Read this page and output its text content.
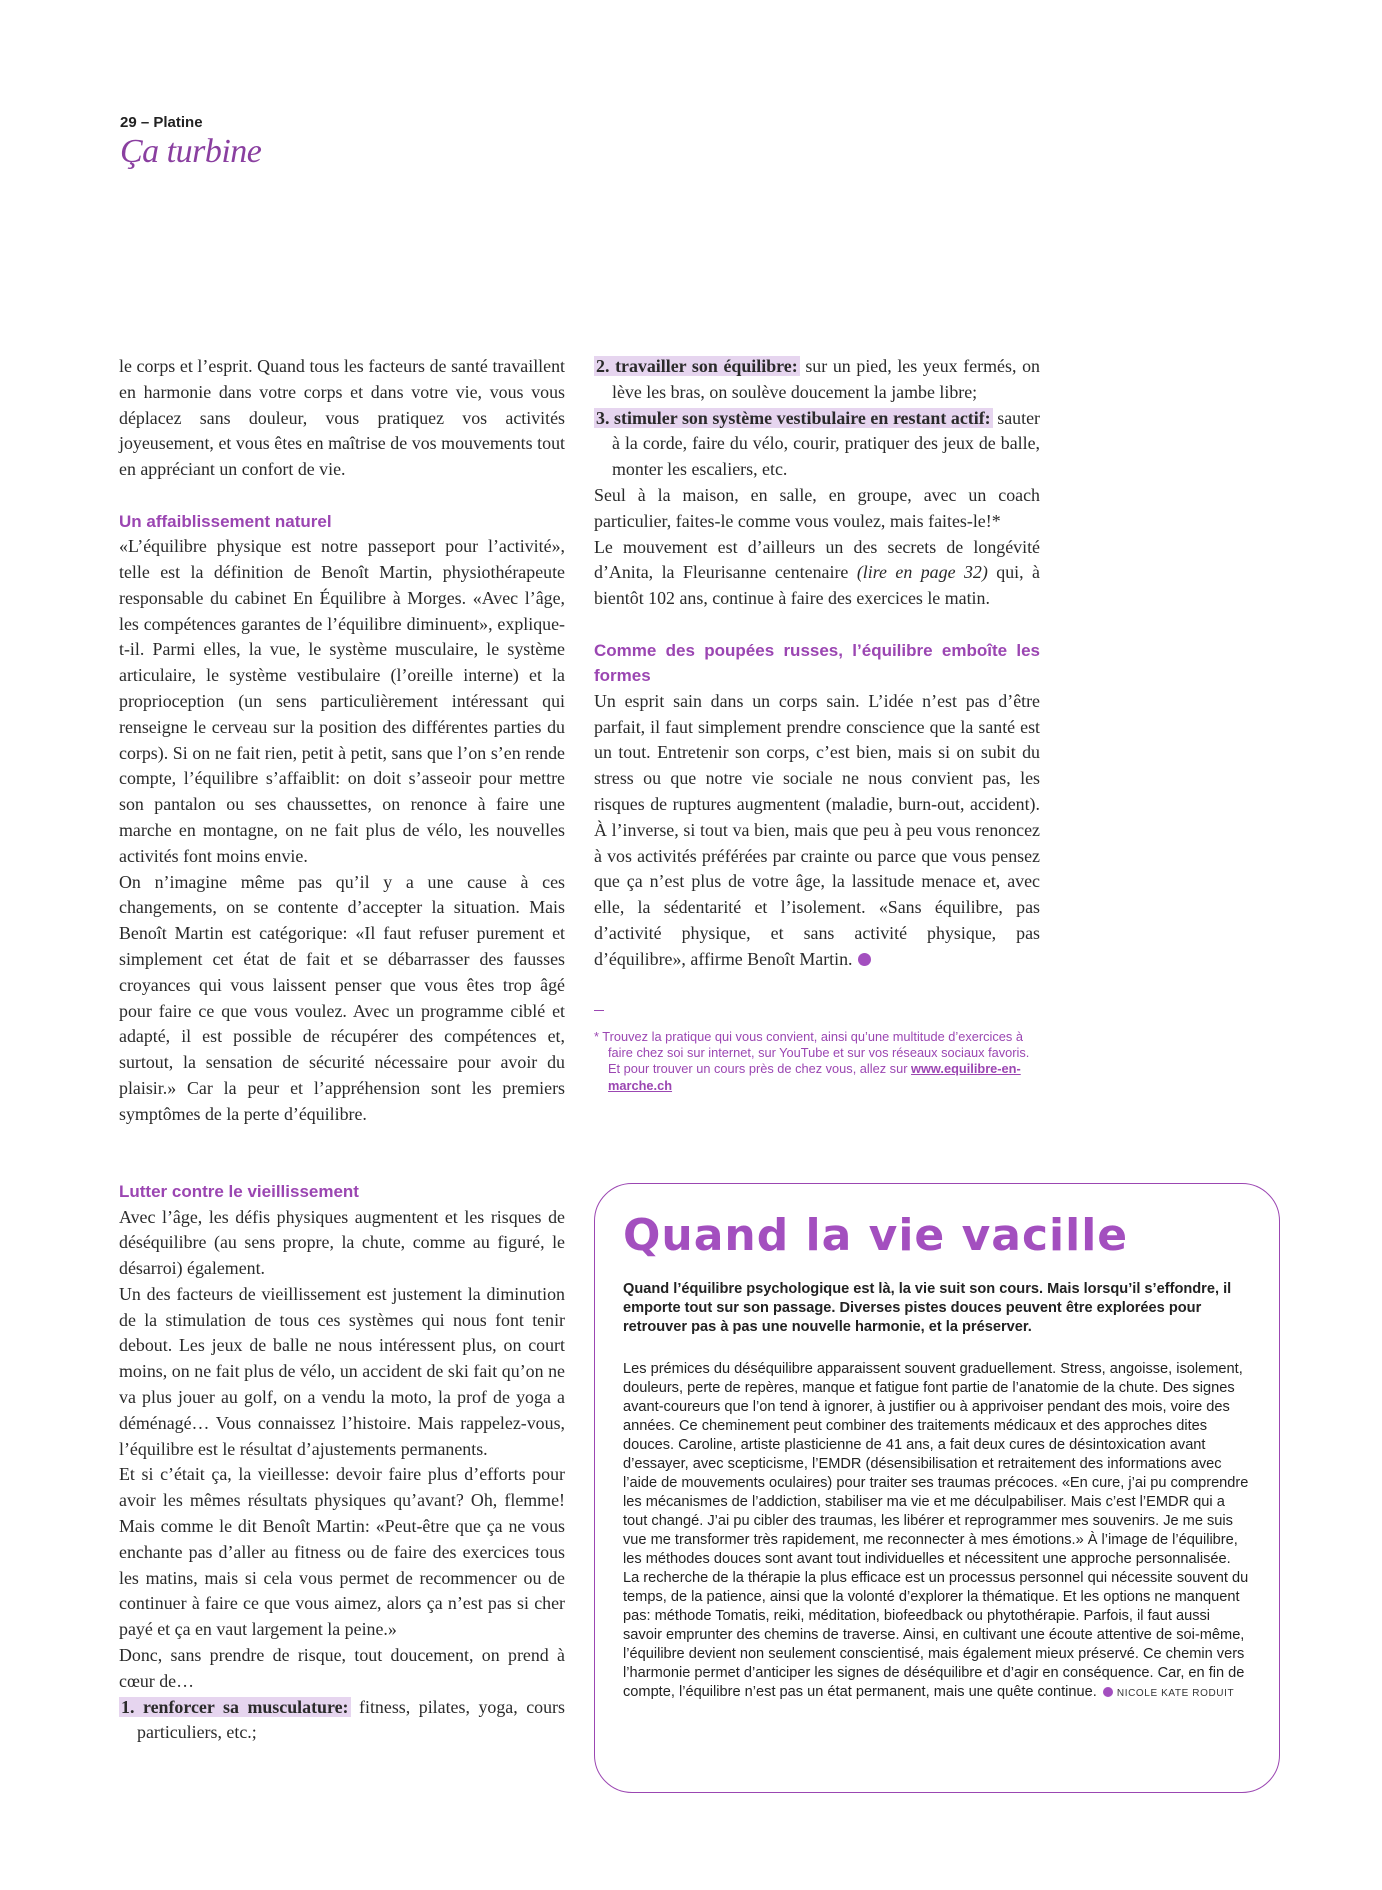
29 – Platine
Ça turbine

le corps et l’esprit. Quand tous les facteurs de santé travaillent en harmonie dans votre corps et dans votre vie, vous vous déplacez sans douleur, vous pratiquez vos activités joyeusement, et vous êtes en maîtrise de vos mouvements tout en appréciant un confort de vie.

Un affaiblissement naturel

«L’équilibre physique est notre passeport pour l’activité», telle est la définition de Benoît Martin, physiothérapeute responsable du cabinet En Équilibre à Morges. «Avec l’âge, les compétences garantes de l’équilibre diminuent», explique-t-il. Parmi elles, la vue, le système musculaire, le système articulaire, le système vestibulaire (l’oreille interne) et la proprioception (un sens particulièrement intéressant qui renseigne le cerveau sur la position des différentes parties du corps). Si on ne fait rien, petit à petit, sans que l’on s’en rende compte, l’équilibre s’affaiblit: on doit s’asseoir pour mettre son pantalon ou ses chaussettes, on renonce à faire une marche en montagne, on ne fait plus de vélo, les nouvelles activités font moins envie.

On n’imagine même pas qu’il y a une cause à ces changements, on se contente d’accepter la situation. Mais Benoît Martin est catégorique: «Il faut refuser purement et simplement cet état de fait et se débarrasser des fausses croyances qui vous laissent penser que vous êtes trop âgé pour faire ce que vous voulez. Avec un programme ciblé et adapté, il est possible de récupérer des compétences et, surtout, la sensation de sécurité nécessaire pour avoir du plaisir.» Car la peur et l’appréhension sont les premiers symptômes de la perte d’équilibre.

Lutter contre le vieillissement

Avec l’âge, les défis physiques augmentent et les risques de déséquilibre (au sens propre, la chute, comme au figuré, le désarroi) également.

Un des facteurs de vieillissement est justement la diminution de la stimulation de tous ces systèmes qui nous font tenir debout. Les jeux de balle ne nous intéressent plus, on court moins, on ne fait plus de vélo, un accident de ski fait qu’on ne va plus jouer au golf, on a vendu la moto, la prof de yoga a déménagé… Vous connaissez l’histoire. Mais rappelez-vous, l’équilibre est le résultat d’ajustements permanents.

Et si c’était ça, la vieillesse: devoir faire plus d’efforts pour avoir les mêmes résultats physiques qu’avant? Oh, flemme! Mais comme le dit Benoît Martin: «Peut-être que ça ne vous enchante pas d’aller au fitness ou de faire des exercices tous les matins, mais si cela vous permet de recommencer ou de continuer à faire ce que vous aimez, alors ça n’est pas si cher payé et ça en vaut largement la peine.»

Donc, sans prendre de risque, tout doucement, on prend à cœur de…

1. renforcer sa musculature: fitness, pilates, yoga, cours particuliers, etc.;

2. travailler son équilibre: sur un pied, les yeux fermés, on lève les bras, on soulève doucement la jambe libre;

3. stimuler son système vestibulaire en restant actif: sauter à la corde, faire du vélo, courir, pratiquer des jeux de balle, monter les escaliers, etc.

Seul à la maison, en salle, en groupe, avec un coach particulier, faites-le comme vous voulez, mais faites-le!*

Le mouvement est d’ailleurs un des secrets de longévité d’Anita, la Fleurisanne centenaire (lire en page 32) qui, à bientôt 102 ans, continue à faire des exercices le matin.

Comme des poupées russes, l’équilibre emboîte les formes

Un esprit sain dans un corps sain. L’idée n’est pas d’être parfait, il faut simplement prendre conscience que la santé est un tout. Entretenir son corps, c’est bien, mais si on subit du stress ou que notre vie sociale ne nous convient pas, les risques de ruptures augmentent (maladie, burn-out, accident). À l’inverse, si tout va bien, mais que peu à peu vous renoncez à vos activités préférées par crainte ou parce que vous pensez que ça n’est plus de votre âge, la lassitude menace et, avec elle, la sédentarité et l’isolement. «Sans équilibre, pas d’activité physique, et sans activité physique, pas d’équilibre», affirme Benoît Martin.

* Trouvez la pratique qui vous convient, ainsi qu’une multitude d’exercices à faire chez soi sur internet, sur YouTube et sur vos réseaux sociaux favoris. Et pour trouver un cours près de chez vous, allez sur www.equilibre-en-marche.ch
Quand la vie vacille
Quand l’équilibre psychologique est là, la vie suit son cours. Mais lorsqu’il s’effondre, il emporte tout sur son passage. Diverses pistes douces peuvent être explorées pour retrouver pas à pas une nouvelle harmonie, et la préserver.
Les prémices du déséquilibre apparaissent souvent graduellement. Stress, angoisse, isolement, douleurs, perte de repères, manque et fatigue font partie de l’anatomie de la chute. Des signes avant-coureurs que l’on tend à ignorer, à justifier ou à apprivoiser pendant des mois, voire des années. Ce cheminement peut combiner des traitements médicaux et des approches dites douces. Caroline, artiste plasticienne de 41 ans, a fait deux cures de désintoxication avant d’essayer, avec scepticisme, l’EMDR (désensibilisation et retraitement des informations avec l’aide de mouvements oculaires) pour traiter ses traumas précoces. «En cure, j’ai pu comprendre les mécanismes de l’addiction, stabiliser ma vie et me déculpabiliser. Mais c’est l’EMDR qui a tout changé. J’ai pu cibler des traumas, les libérer et reprogrammer mes souvenirs. Je me suis vue me transformer très rapidement, me reconnecter à mes émotions.» À l’image de l’équilibre, les méthodes douces sont avant tout individuelles et nécessitent une approche personnalisée. La recherche de la thérapie la plus efficace est un processus personnel qui nécessite souvent du temps, de la patience, ainsi que la volonté d’explorer la thématique. Et les options ne manquent pas: méthode Tomatis, reiki, méditation, biofeedback ou phytothérapie. Parfois, il faut aussi savoir emprunter des chemins de traverse. Ainsi, en cultivant une écoute attentive de soi-même, l’équilibre devient non seulement conscientisé, mais également mieux préservé. Ce chemin vers l’harmonie permet d’anticiper les signes de déséquilibre et d’agir en conséquence. Car, en fin de compte, l’équilibre n’est pas un état permanent, mais une quête continue. NICOLE KATE RODUIT
